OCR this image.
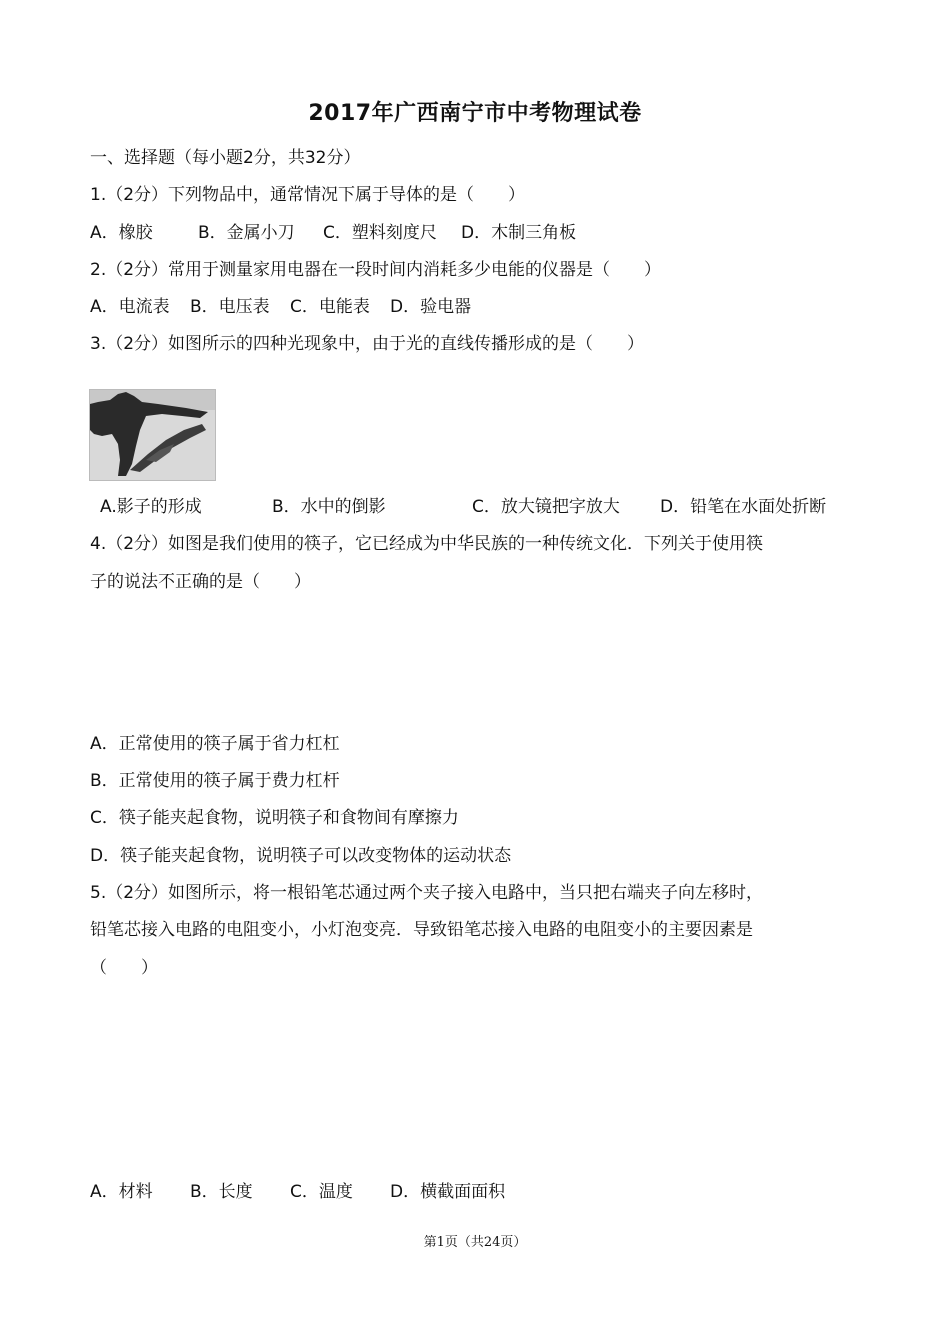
2017年广西南宁市中考物理试卷
一、选择题（每小题2分，共32分）
1.（2分）下列物品中，通常情况下属于导体的是（　　）
A．橡胶	B．金属小刀 C．塑料刻度尺 D．木制三角板
2.（2分）常用于测量家用电器在一段时间内消耗多少电能的仪器是（　　）
A．电流表 B．电压表 C．电能表 D．验电器
3.（2分）如图所示的四种光现象中，由于光的直线传播形成的是（　　）
A.影子的形成	B．水中的倒影	C．放大镜把字放大 D．铅笔在水面处折断
4.（2分）如图是我们使用的筷子，它已经成为中华民族的一种传统文化．下列关于使用筷
子的说法不正确的是（　　）
A．正常使用的筷子属于省力杠杠
B．正常使用的筷子属于费力杠杆
C．筷子能夹起食物，说明筷子和食物间有摩擦力
D．筷子能夹起食物，说明筷子可以改变物体的运动状态
5.（2分）如图所示，将一根铅笔芯通过两个夹子接入电路中，当只把右端夹子向左移时，
铅笔芯接入电路的电阻变小，小灯泡变亮．导致铅笔芯接入电路的电阻变小的主要因素是
（　　）
A．材料 B．长度 C．温度 D．横截面面积
第1页（共24页）
